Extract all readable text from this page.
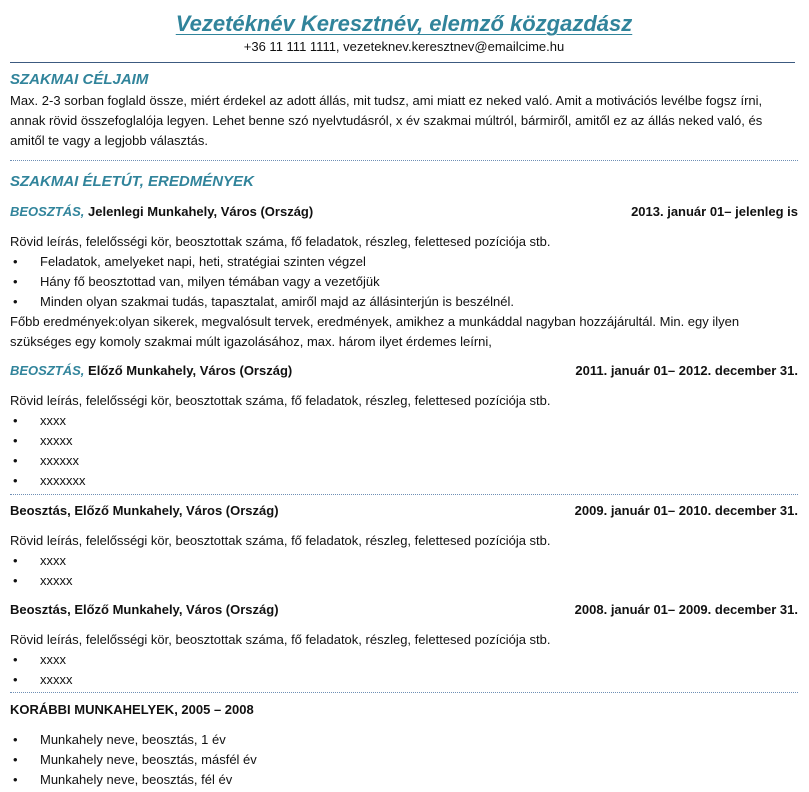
Vezetéknév Keresztnév, elemző közgazdász
+36 11 111 1111, vezeteknev.keresztnev@emailcime.hu
SZAKMAI CÉLJAIM

Max. 2-3 sorban foglald össze, miért érdekel az adott állás, mit tudsz, ami miatt ez neked való. Amit a motivációs levélbe fogsz írni, annak rövid összefoglalója legyen. Lehet benne szó nyelvtudásról, x év szakmai múltról, bármiről, amitől ez az állás neked való, és amitől te vagy a legjobb választás.

SZAKMAI ÉLETÚT, EREDMÉNYEK
BEOSZTÁS, Jelenlegi Munkahely, Város (Ország)	2013. január 01– jelenleg is

Rövid leírás, felelősségi kör, beosztottak száma, fő feladatok, részleg, felettesed pozíciója stb.

• Feladatok, amelyeket napi, heti, stratégiai szinten végzel
• Hány fő beosztottad van, milyen témában vagy a vezetőjük
• Minden olyan szakmai tudás, tapasztalat, amiről majd az állásinterjún is beszélnél.

Főbb eredmények:olyan sikerek, megvalósult tervek, eredmények, amikhez a munkáddal nagyban hozzájárultál. Min. egy ilyen szükséges egy komoly szakmai múlt igazolásához, max. három ilyet érdemes leírni,

BEOSZTÁS, Előző Munkahely, Város (Ország)	2011. január 01– 2012. december 31.

Rövid leírás, felelősségi kör, beosztottak száma, fő feladatok, részleg, felettesed pozíciója stb.

• xxxx
• xxxxx
• xxxxxx
• xxxxxxx
Beosztás, Előző Munkahely, Város (Ország)	2009. január 01– 2010. december 31.

Rövid leírás, felelősségi kör, beosztottak száma, fő feladatok, részleg, felettesed pozíciója stb.

• xxxx
• xxxxx
Beosztás, Előző Munkahely, Város (Ország)	2008. január 01– 2009. december 31.

Rövid leírás, felelősségi kör, beosztottak száma, fő feladatok, részleg, felettesed pozíciója stb.

• xxxx
• xxxxx
KORÁBBI MUNKAHELYEK, 2005 – 2008
• Munkahely neve, beosztás, 1 év
• Munkahely neve, beosztás, másfél év
• Munkahely neve, beosztás, fél év
